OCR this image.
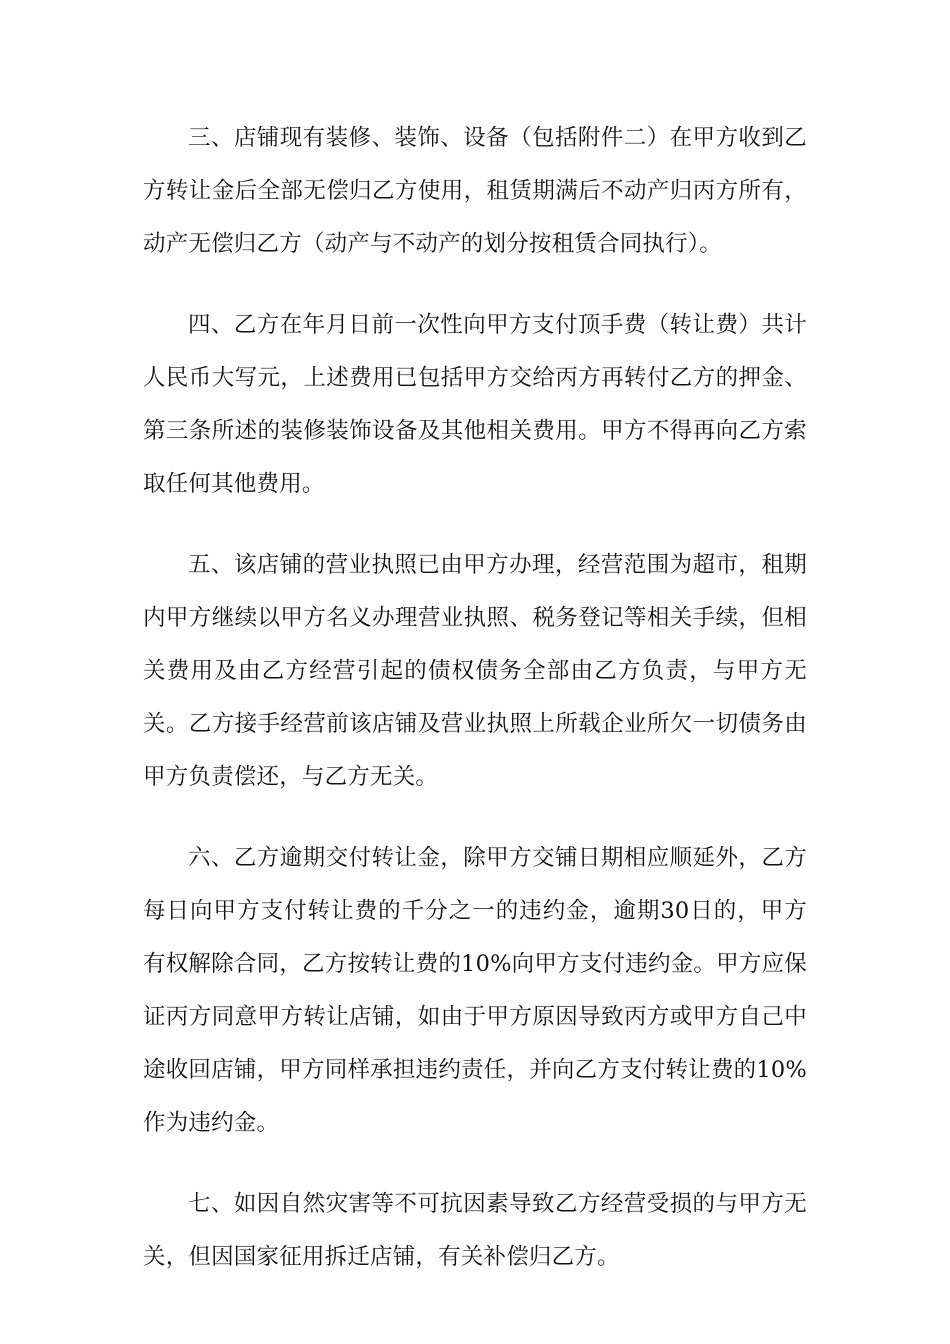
三、店铺现有装修、装饰、设备（包括附件二）在甲方收到乙方转让金后全部无偿归乙方使用，租赁期满后不动产归丙方所有，动产无偿归乙方（动产与不动产的划分按租赁合同执行）。

四、乙方在年月日前一次性向甲方支付顶手费（转让费）共计人民币大写元，上述费用已包括甲方交给丙方再转付乙方的押金、第三条所述的装修装饰设备及其他相关费用。甲方不得再向乙方索取任何其他费用。

五、该店铺的营业执照已由甲方办理，经营范围为超市，租期内甲方继续以甲方名义办理营业执照、税务登记等相关手续，但相关费用及由乙方经营引起的债权债务全部由乙方负责，与甲方无关。乙方接手经营前该店铺及营业执照上所载企业所欠一切债务由甲方负责偿还，与乙方无关。

六、乙方逾期交付转让金，除甲方交铺日期相应顺延外，乙方每日向甲方支付转让费的千分之一的违约金，逾期30日的，甲方有权解除合同，乙方按转让费的10%向甲方支付违约金。甲方应保证丙方同意甲方转让店铺，如由于甲方原因导致丙方或甲方自己中途收回店铺，甲方同样承担违约责任，并向乙方支付转让费的10%作为违约金。

七、如因自然灾害等不可抗因素导致乙方经营受损的与甲方无关，但因国家征用拆迁店铺，有关补偿归乙方。
